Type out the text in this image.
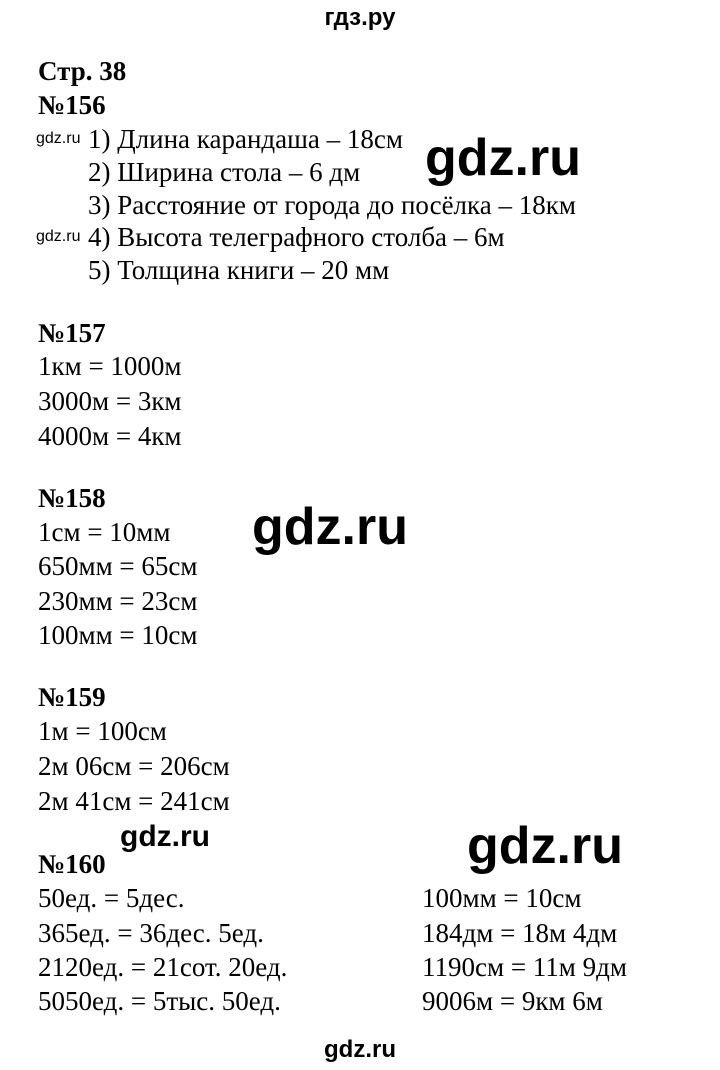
гдз.ру
Стр. 38
№156
gdz.ru 1) Длина карандаша – 18см
2) Ширина стола – 6 дм
3) Расстояние от города до посёлка – 18км
gdz.ru 4) Высота телеграфного столба – 6м
5) Толщина книги – 20 мм
gdz.ru
№157
1км = 1000м
3000м = 3км
4000м = 4км
№158	gdz.ru
1см = 10мм
650мм = 65см
230мм = 23см
100мм = 10см
№159
1м = 100см
2м 06см = 206см
2м 41см = 241см
gdz.ru	gdz.ru
№160
50ед. = 5дес.
365ед. = 36дес. 5ед.
2120ед. = 21сот. 20ед.
5050ед. = 5тыс. 50ед.
100мм = 10см
184дм = 18м 4дм
1190см = 11м 9дм
9006м = 9км 6м
gdz.ru
